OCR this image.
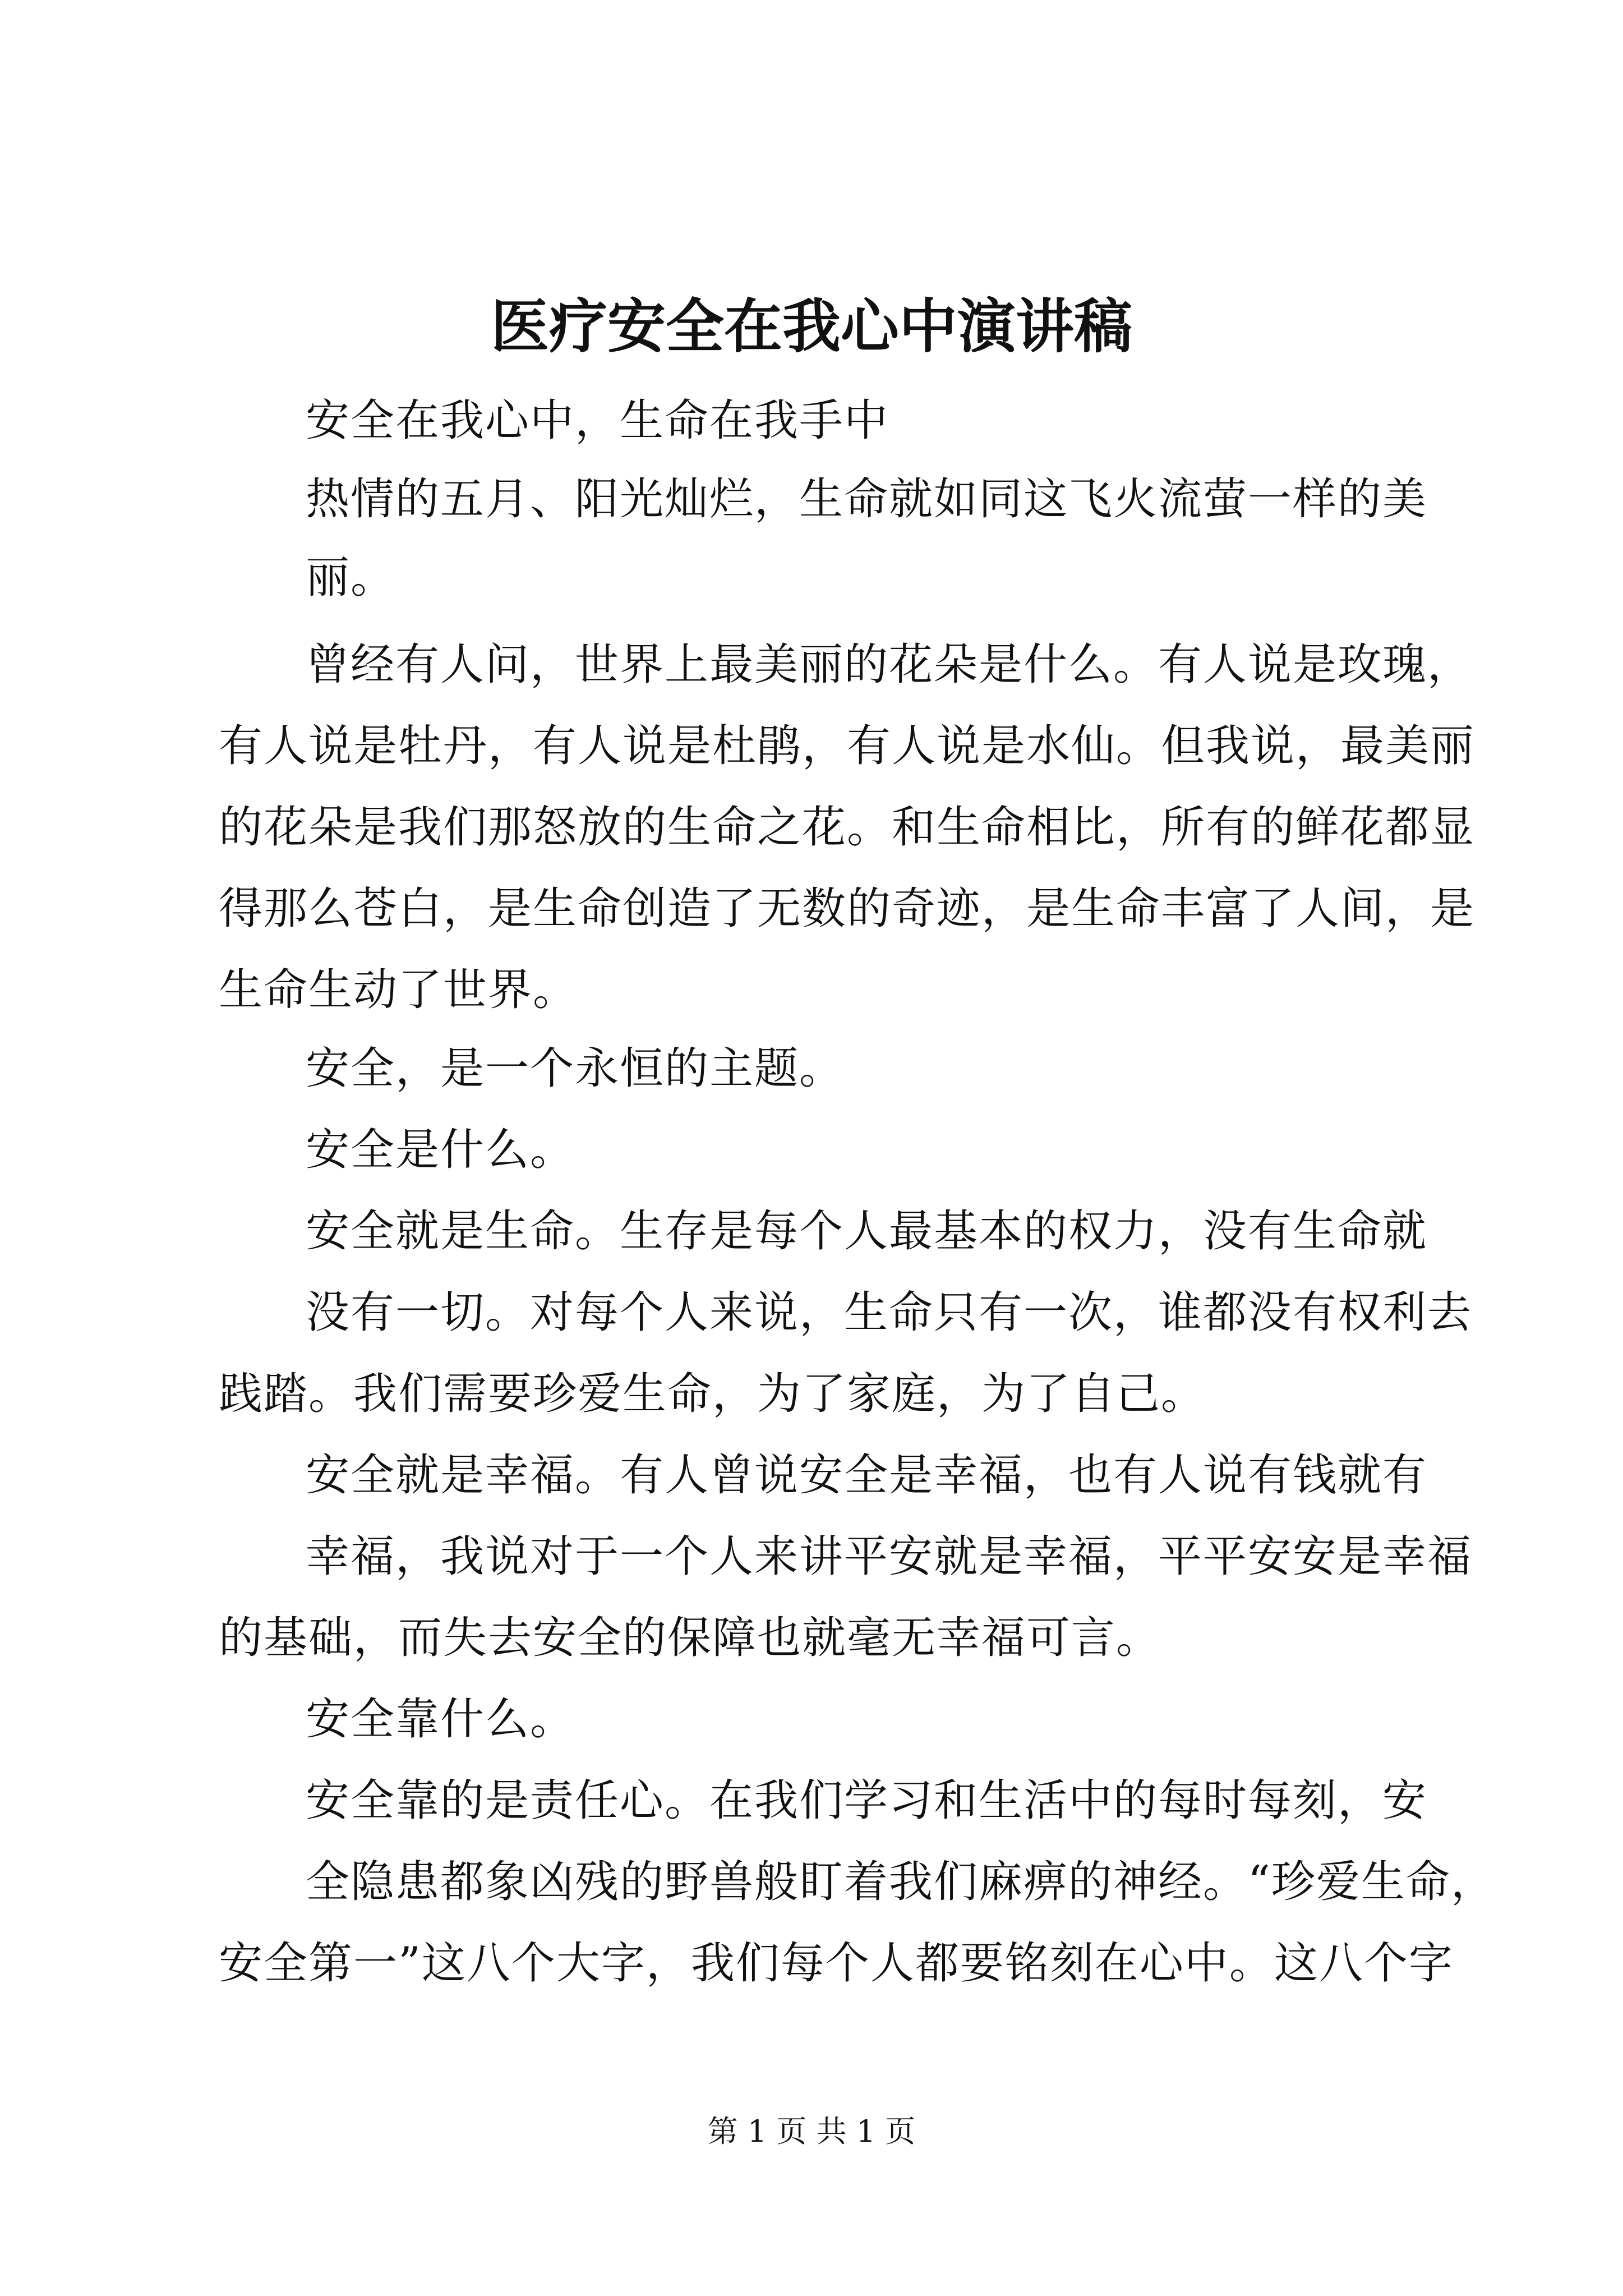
医疗安全在我心中演讲稿
安全在我心中，生命在我手中
热情的五月、阳光灿烂，生命就如同这飞火流萤一样的美
丽。
曾经有人问，世界上最美丽的花朵是什么。有人说是玫瑰，
有人说是牡丹，有人说是杜鹃，有人说是水仙。但我说，最美丽
的花朵是我们那怒放的生命之花。和生命相比，所有的鲜花都显
得那么苍白，是生命创造了无数的奇迹，是生命丰富了人间，是
生命生动了世界。
安全，是一个永恒的主题。
安全是什么。
安全就是生命。生存是每个人最基本的权力，没有生命就
没有一切。对每个人来说，生命只有一次，谁都没有权利去
践踏。我们需要珍爱生命，为了家庭，为了自己。
安全就是幸福。有人曾说安全是幸福，也有人说有钱就有
幸福，我说对于一个人来讲平安就是幸福，平平安安是幸福
的基础，而失去安全的保障也就毫无幸福可言。
安全靠什么。
安全靠的是责任心。在我们学习和生活中的每时每刻，安
全隐患都象凶残的野兽般盯着我们麻痹的神经。“珍爱生命，
安全第一”这八个大字，我们每个人都要铭刻在心中。这八个字
第 1 页 共 1 页
